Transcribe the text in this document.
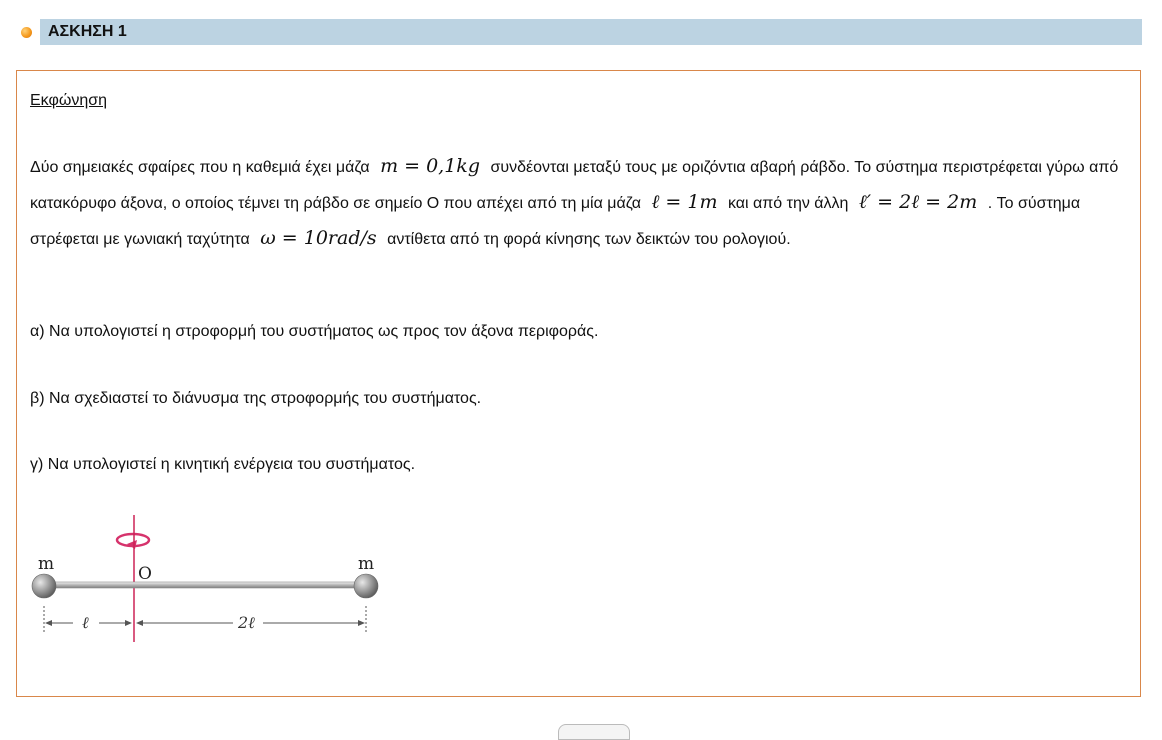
ΑΣΚΗΣΗ 1
Εκφώνηση
Δύο σημειακές σφαίρες που η καθεμιά έχει μάζα m = 0,1kg συνδέονται μεταξύ τους με οριζόντια αβαρή ράβδο. Το σύστημα περιστρέφεται γύρω από κατακόρυφο άξονα, ο οποίος τέμνει τη ράβδο σε σημείο Ο που απέχει από τη μία μάζα ℓ = 1m και από την άλλη ℓ′ = 2ℓ = 2m . Το σύστημα στρέφεται με γωνιακή ταχύτητα ω = 10rad/s αντίθετα από τη φορά κίνησης των δεικτών του ρολογιού.
α) Να υπολογιστεί η στροφορμή του συστήματος ως προς τον άξονα περιφοράς.
β) Να σχεδιαστεί το διάνυσμα της στροφορμής του συστήματος.
γ) Να υπολογιστεί η κινητική ενέργεια του συστήματος.
m	m
O
ℓ	2ℓ
